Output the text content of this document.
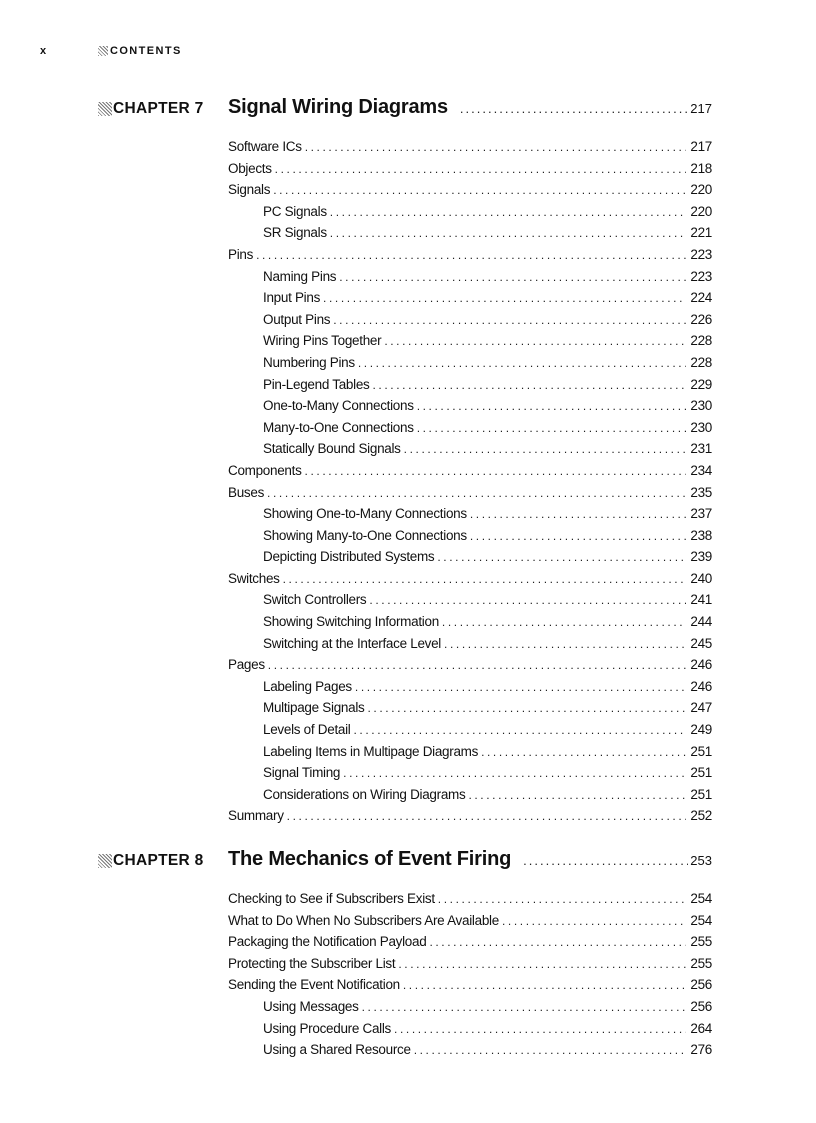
x	CONTENTS
CHAPTER 7 Signal Wiring Diagrams .....	217
Software ICs .....	217
Objects .....	218
Signals .....	220
PC Signals .....	220
SR Signals .....	221
Pins .....	223
Naming Pins .....	223
Input Pins .....	224
Output Pins .....	226
Wiring Pins Together .....	228
Numbering Pins .....	228
Pin-Legend Tables .....	229
One-to-Many Connections .....	230
Many-to-One Connections .....	230
Statically Bound Signals .....	231
Components .....	234
Buses .....	235
Showing One-to-Many Connections .....	237
Showing Many-to-One Connections .....	238
Depicting Distributed Systems .....	239
Switches .....	240
Switch Controllers .....	241
Showing Switching Information .....	244
Switching at the Interface Level .....	245
Pages .....	246
Labeling Pages .....	246
Multipage Signals .....	247
Levels of Detail .....	249
Labeling Items in Multipage Diagrams .....	251
Signal Timing .....	251
Considerations on Wiring Diagrams .....	251
Summary .....	252
CHAPTER 8 The Mechanics of Event Firing .....	253
Checking to See if Subscribers Exist .....	254
What to Do When No Subscribers Are Available .....	254
Packaging the Notification Payload .....	255
Protecting the Subscriber List .....	255
Sending the Event Notification .....	256
Using Messages .....	256
Using Procedure Calls .....	264
Using a Shared Resource .....	276
